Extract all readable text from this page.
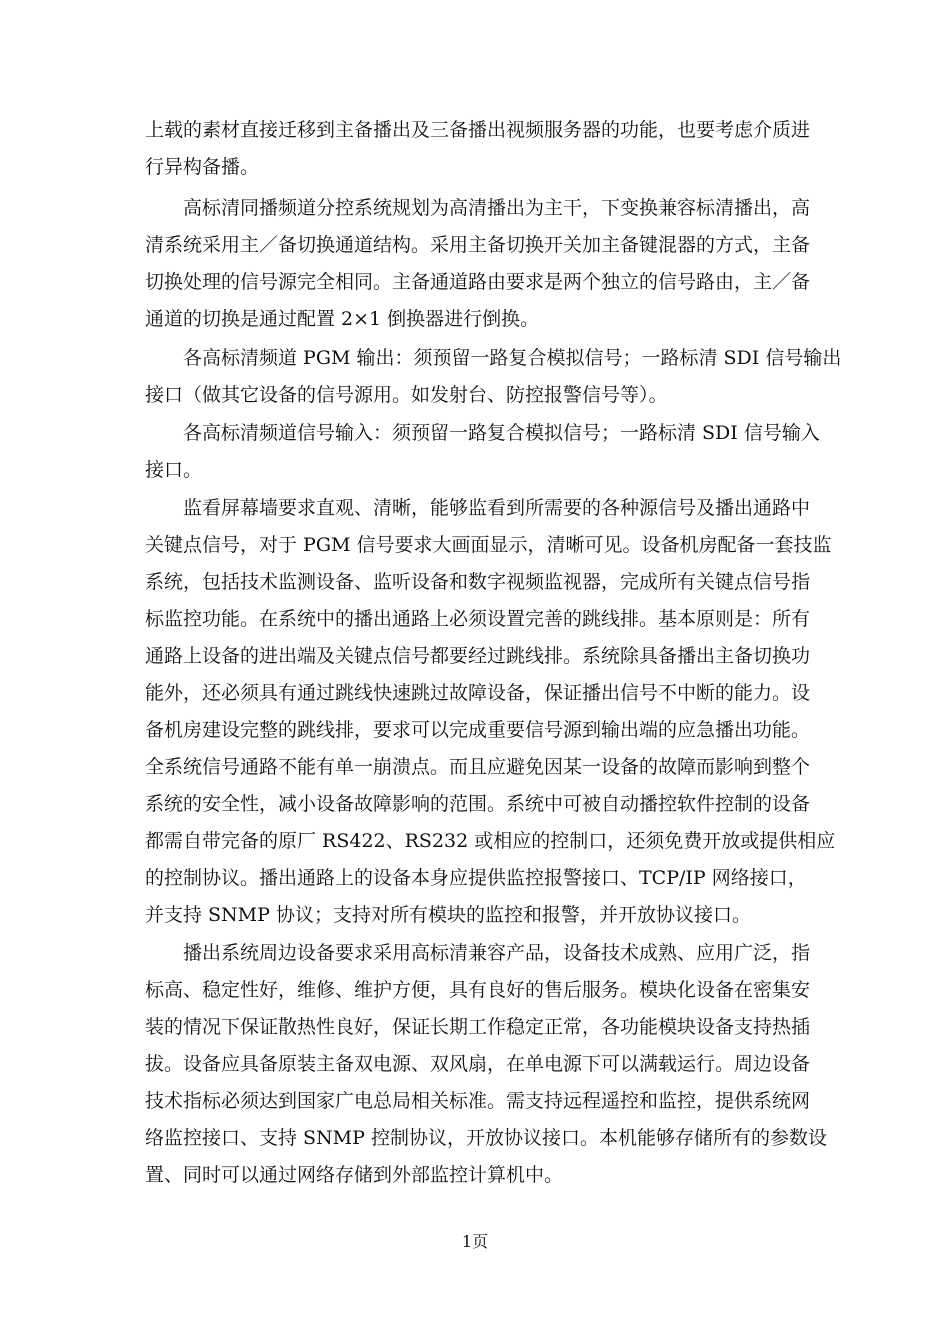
上载的素材直接迁移到主备播出及三备播出视频服务器的功能，也要考虑介质进
行异构备播。
高标清同播频道分控系统规划为高清播出为主干，下变换兼容标清播出，高
清系统采用主／备切换通道结构。采用主备切换开关加主备键混器的方式，主备
切换处理的信号源完全相同。主备通道路由要求是两个独立的信号路由，主／备
通道的切换是通过配置 2×1 倒换器进行倒换。
各高标清频道 PGM 输出：须预留一路复合模拟信号；一路标清 SDI 信号输出
接口（做其它设备的信号源用。如发射台、防控报警信号等）。
各高标清频道信号输入：须预留一路复合模拟信号；一路标清 SDI 信号输入
接口。
监看屏幕墙要求直观、清晰，能够监看到所需要的各种源信号及播出通路中
关键点信号，对于 PGM 信号要求大画面显示，清晰可见。设备机房配备一套技监
系统，包括技术监测设备、监听设备和数字视频监视器，完成所有关键点信号指
标监控功能。在系统中的播出通路上必须设置完善的跳线排。基本原则是：所有
通路上设备的进出端及关键点信号都要经过跳线排。系统除具备播出主备切换功
能外，还必须具有通过跳线快速跳过故障设备，保证播出信号不中断的能力。设
备机房建设完整的跳线排，要求可以完成重要信号源到输出端的应急播出功能。
全系统信号通路不能有单一崩溃点。而且应避免因某一设备的故障而影响到整个
系统的安全性，减小设备故障影响的范围。系统中可被自动播控软件控制的设备
都需自带完备的原厂 RS422、RS232 或相应的控制口，还须免费开放或提供相应
的控制协议。播出通路上的设备本身应提供监控报警接口、TCP/IP 网络接口，
并支持 SNMP 协议；支持对所有模块的监控和报警，并开放协议接口。
播出系统周边设备要求采用高标清兼容产品，设备技术成熟、应用广泛，指
标高、稳定性好，维修、维护方便，具有良好的售后服务。模块化设备在密集安
装的情况下保证散热性良好，保证长期工作稳定正常，各功能模块设备支持热插
拔。设备应具备原装主备双电源、双风扇，在单电源下可以满载运行。周边设备
技术指标必须达到国家广电总局相关标准。需支持远程遥控和监控，提供系统网
络监控接口、支持 SNMP 控制协议，开放协议接口。本机能够存储所有的参数设
置、同时可以通过网络存储到外部监控计算机中。
1页
